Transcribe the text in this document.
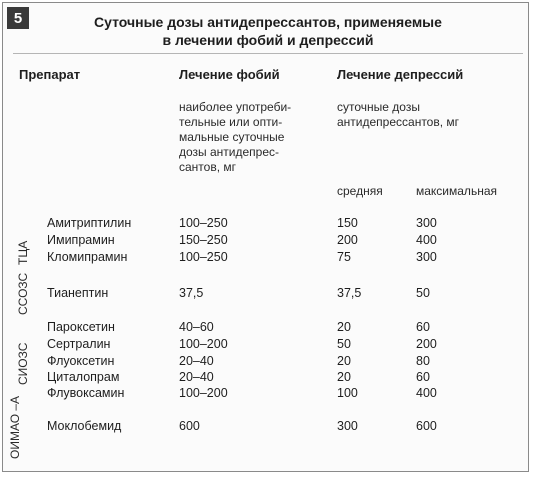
5	Суточные дозы антидепрессантов, применяемые
в лечении фобий и депрессий
Препарат	Лечение фобий	Лечение депрессий
наиболее употреби-
тельные или опти-
мальные суточные
дозы антидепрес-
сантов, мг
суточные дозы
антидепрессантов, мг
средняя	максимальная
ТЦА
ССОЗС
СИОЗС
ОИМАО –А
Амитриптилин	100–250	150	300
Имипрамин	150–250	200	400
Кломипрамин	100–250	75	300
Тианептин	37,5	37,5	50
Пароксетин	40–60	20	60
Сертралин	100–200	50	200
Флуоксетин	20–40	20	80
Циталопрам	20–40	20	60
Флувоксамин	100–200	100	400
Моклобемид	600	300	600
